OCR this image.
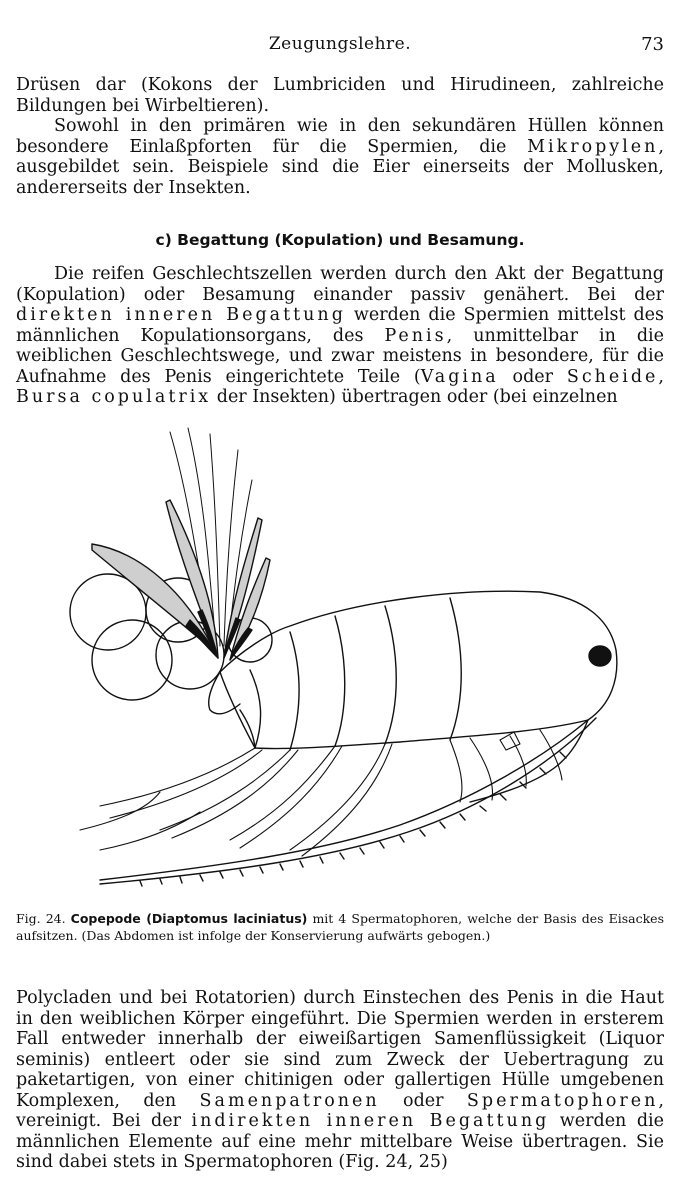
Zeugungslehre.	73

Drüsen dar (Kokons der Lumbriciden und Hirudineen, zahlreiche Bildungen bei Wirbeltieren).

Sowohl in den primären wie in den sekundären Hüllen können besondere Einlaßpforten für die Spermien, die Mikropylen, ausgebildet sein. Beispiele sind die Eier einerseits der Mollusken, andererseits der Insekten.

c) Begattung (Kopulation) und Besamung.

Die reifen Geschlechtszellen werden durch den Akt der Begattung (Kopulation) oder Besamung einander passiv genähert. Bei der direkten inneren Begattung werden die Spermien mittelst des männlichen Kopulationsorgans, des Penis, unmittelbar in die weiblichen Geschlechtswege, und zwar meistens in besondere, für die Aufnahme des Penis eingerichtete Teile (Vagina oder Scheide, Bursa copulatrix der Insekten) übertragen oder (bei einzelnen

Fig. 24. Copepode (Diaptomus laciniatus) mit 4 Spermatophoren, welche der Basis des Eisackes aufsitzen. (Das Abdomen ist infolge der Konservierung aufwärts gebogen.)

Polycladen und bei Rotatorien) durch Einstechen des Penis in die Haut in den weiblichen Körper eingeführt. Die Spermien werden in ersterem Fall entweder innerhalb der eiweißartigen Samenflüssigkeit (Liquor seminis) entleert oder sie sind zum Zweck der Uebertragung zu paketartigen, von einer chitinigen oder gallertigen Hülle umgebenen Komplexen, den Samenpatronen oder Spermatophoren, vereinigt. Bei der indirekten inneren Begattung werden die männlichen Elemente auf eine mehr mittelbare Weise übertragen. Sie sind dabei stets in Spermatophoren (Fig. 24, 25)
